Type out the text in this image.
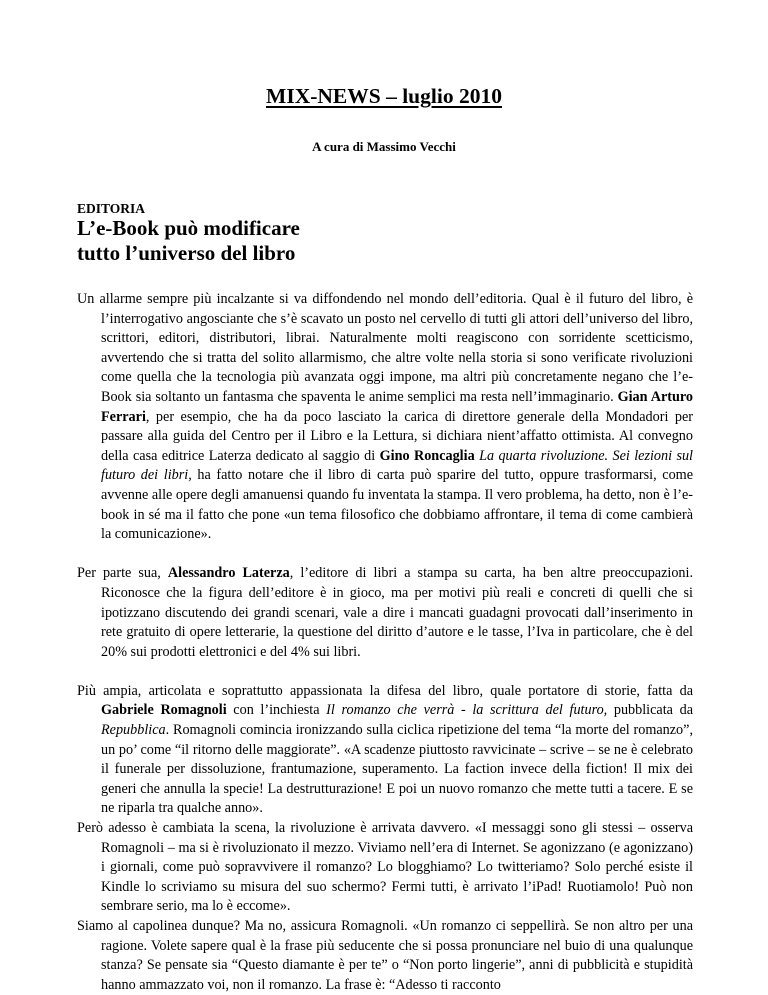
MIX-NEWS – luglio 2010
A cura di Massimo Vecchi
EDITORIA
L’e-Book può modificare
tutto l’universo del libro

Un allarme sempre più incalzante si va diffondendo nel mondo dell’editoria. Qual è il futuro del libro, è l’interrogativo angosciante che s’è scavato un posto nel cervello di tutti gli attori dell’universo del libro, scrittori, editori, distributori, librai. Naturalmente molti reagiscono con sorridente scetticismo, avvertendo che si tratta del solito allarmismo, che altre volte nella storia si sono verificate rivoluzioni come quella che la tecnologia più avanzata oggi impone, ma altri più concretamente negano che l’e-Book sia soltanto un fantasma che spaventa le anime semplici ma resta nell’immaginario. Gian Arturo Ferrari, per esempio, che ha da poco lasciato la carica di direttore generale della Mondadori per passare alla guida del Centro per il Libro e la Lettura, si dichiara nient’affatto ottimista. Al convegno della casa editrice Laterza dedicato al saggio di Gino Roncaglia La quarta rivoluzione. Sei lezioni sul futuro dei libri, ha fatto notare che il libro di carta può sparire del tutto, oppure trasformarsi, come avvenne alle opere degli amanuensi quando fu inventata la stampa. Il vero problema, ha detto, non è l’e-book in sé ma il fatto che pone «un tema filosofico che dobbiamo affrontare, il tema di come cambierà la comunicazione».

Per parte sua, Alessandro Laterza, l’editore di libri a stampa su carta, ha ben altre preoccupazioni. Riconosce che la figura dell’editore è in gioco, ma per motivi più reali e concreti di quelli che si ipotizzano discutendo dei grandi scenari, vale a dire i mancati guadagni provocati dall’inserimento in rete gratuito di opere letterarie, la questione del diritto d’autore e le tasse, l’Iva in particolare, che è del 20% sui prodotti elettronici e del 4% sui libri.

Più ampia, articolata e soprattutto appassionata la difesa del libro, quale portatore di storie, fatta da Gabriele Romagnoli con l’inchiesta Il romanzo che verrà - la scrittura del futuro, pubblicata da Repubblica. Romagnoli comincia ironizzando sulla ciclica ripetizione del tema “la morte del romanzo”, un po’ come “il ritorno delle maggiorate”. «A scadenze piuttosto ravvicinate – scrive – se ne è celebrato il funerale per dissoluzione, frantumazione, superamento. La faction invece della fiction! Il mix dei generi che annulla la specie! La destrutturazione! E poi un nuovo romanzo che mette tutti a tacere. E se ne riparla tra qualche anno».

Però adesso è cambiata la scena, la rivoluzione è arrivata davvero. «I messaggi sono gli stessi – osserva Romagnoli – ma si è rivoluzionato il mezzo. Viviamo nell’era di Internet. Se agonizzano (e agonizzano) i giornali, come può sopravvivere il romanzo? Lo blogghiamo? Lo twitteriamo? Solo perché esiste il Kindle lo scriviamo su misura del suo schermo? Fermi tutti, è arrivato l’iPad! Ruotiamolo! Può non sembrare serio, ma lo è eccome».

Siamo al capolinea dunque? Ma no, assicura Romagnoli. «Un romanzo ci seppellirà. Se non altro per una ragione. Volete sapere qual è la frase più seducente che si possa pronunciare nel buio di una qualunque stanza? Se pensate sia “Questo diamante è per te” o “Non porto lingerie”, anni di pubblicità e stupidità hanno ammazzato voi, non il romanzo. La frase è: “Adesso ti racconto
